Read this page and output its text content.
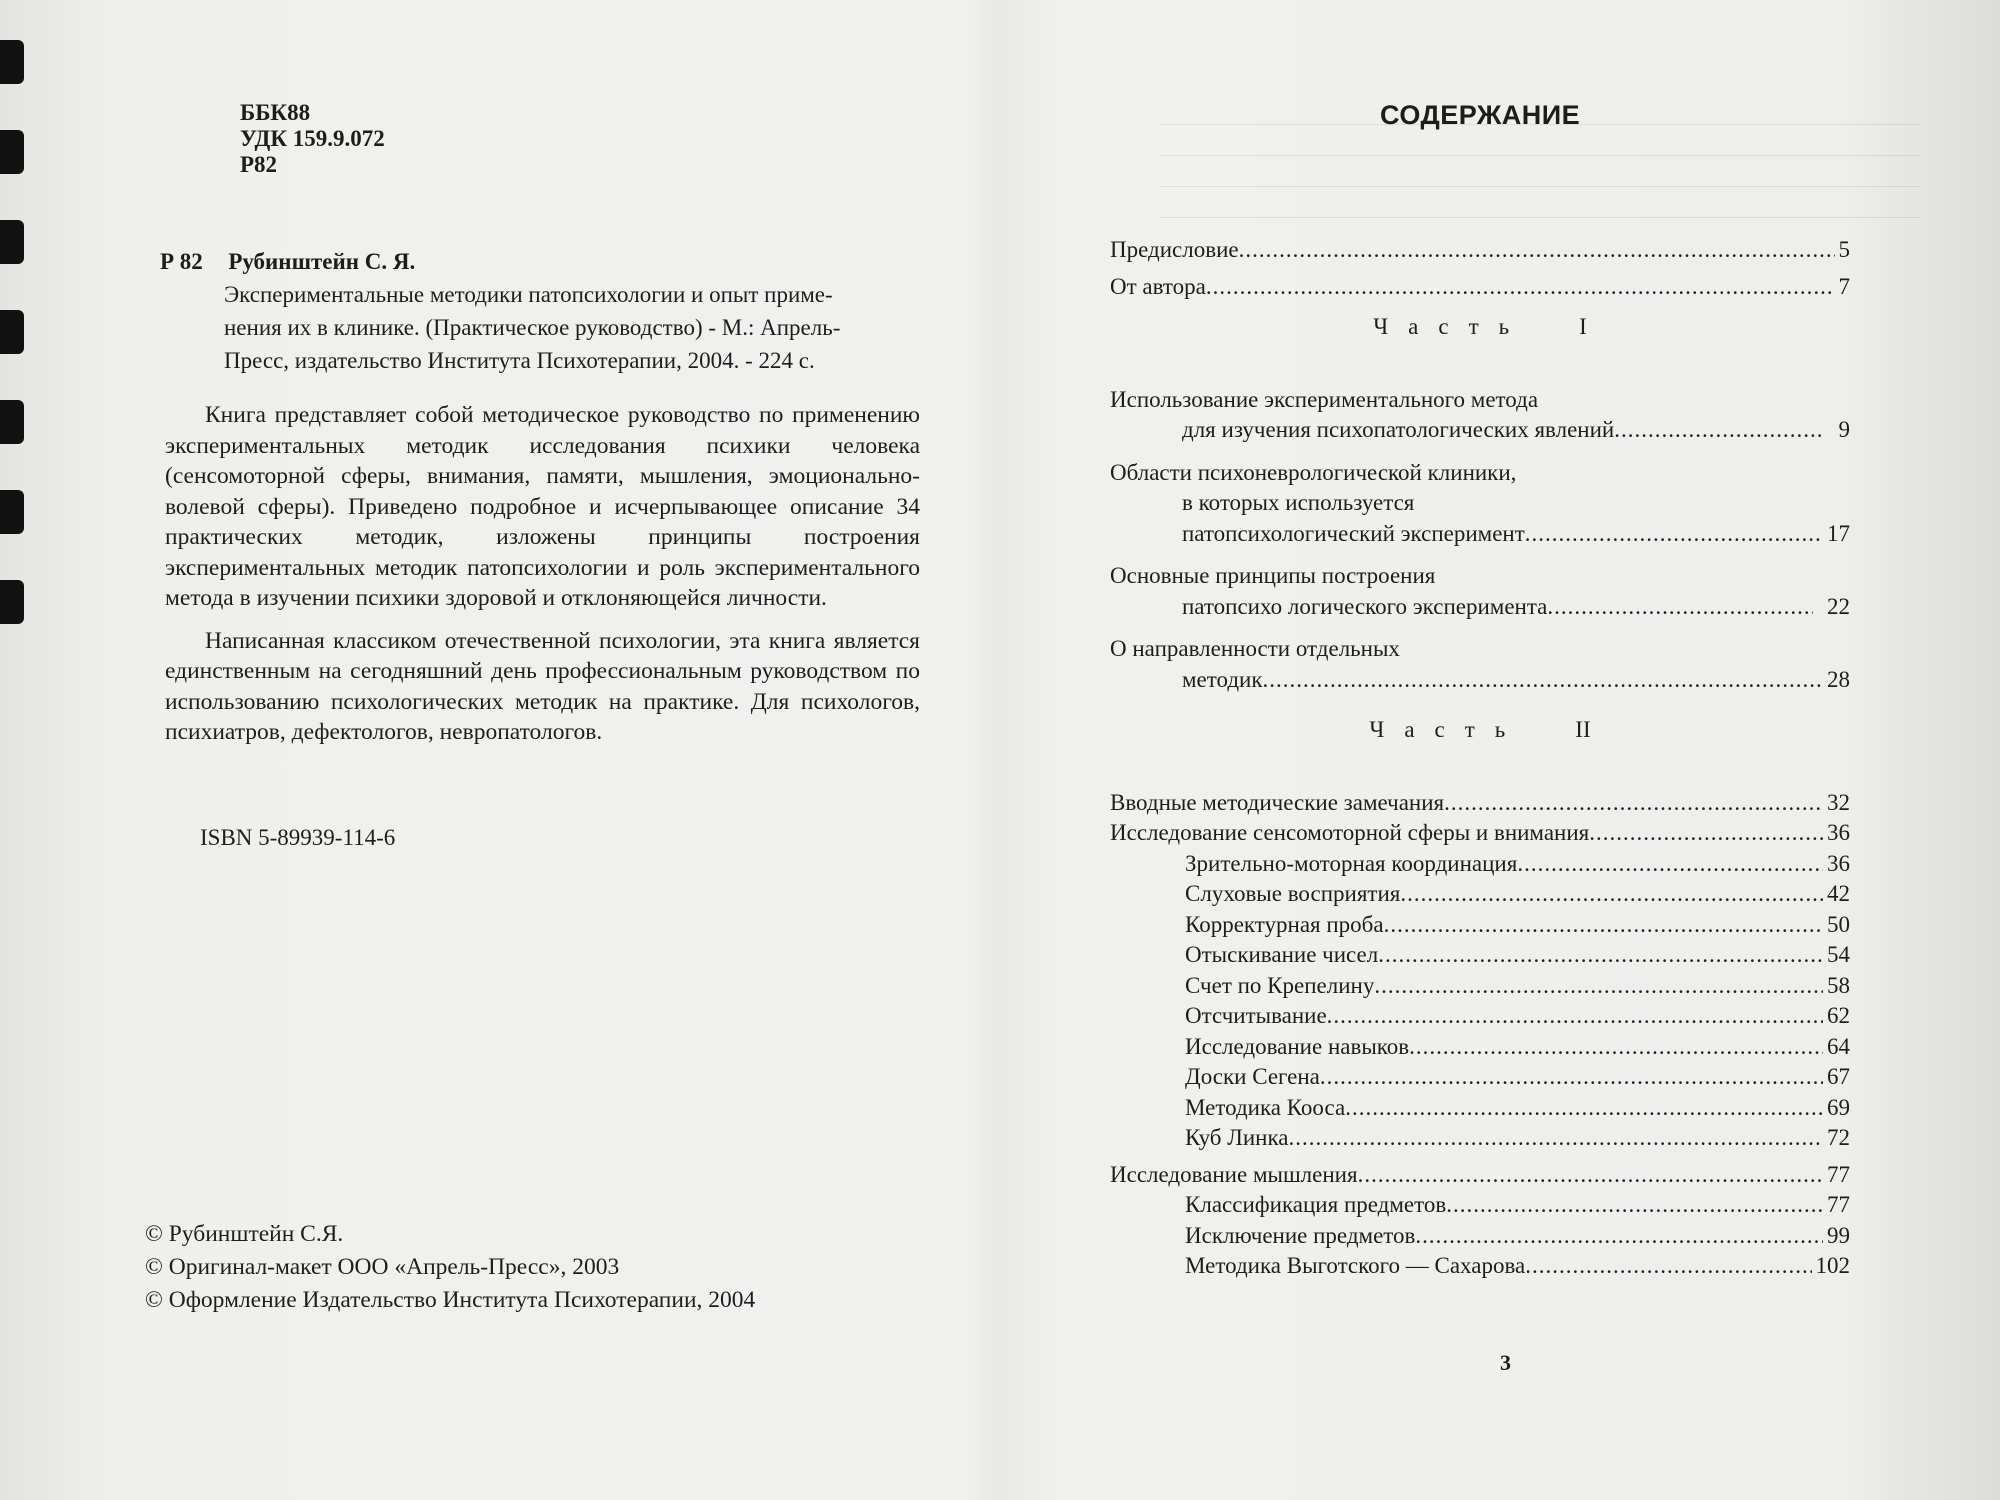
ББК88
УДК 159.9.072
Р82
Р 82 Рубинштейн С. Я.
Экспериментальные методики патопсихологии и опыт приме-
нения их в клинике. (Практическое руководство) - М.: Апрель-
Пресс, издательство Института Психотерапии, 2004. - 224 с.

Книга представляет собой методическое руководство по применению экспериментальных методик исследования психики человека (сенсомоторной сферы, внимания, памяти, мышления, эмоционально-волевой сферы). Приведено подробное и исчерпывающее описание 34 практических методик, изложены принципы построения экспериментальных методик патопсихологии и роль экспериментального метода в изучении психики здоровой и отклоняющейся личности.

Написанная классиком отечественной психологии, эта книга является единственным на сегодняшний день профессиональным руководством по использованию психологических методик на практике. Для психологов, психиатров, дефектологов, невропатологов.

ISBN 5-89939-114-6
© Рубинштейн С.Я.
© Оригинал-макет ООО «Апрель-Пресс», 2003
© Оформление Издательство Института Психотерапии, 2004
СОДЕРЖАНИЕ
Предисловие .....	5
От автора .....	7
Часть I
Использование экспериментального метода
для изучения психопатологических явлений .....	9
Области психоневрологической клиники,
в которых используется
патопсихологический эксперимент .....	17
Основные принципы построения
патопсихо логического эксперимента .....	22
О направленности отдельных
методик .....	28
Часть II
Вводные методические замечания .....	32
Исследование сенсомоторной сферы и внимания .....	36
Зрительно-моторная координация .....	36
Слуховые восприятия .....	42
Корректурная проба .....	50
Отыскивание чисел .....	54
Счет по Крепелину .....	58
Отсчитывание .....	62
Исследование навыков .....	64
Доски Сегена .....	67
Методика Кооса .....	69
Куб Линка .....	72
Исследование мышления .....	77
Классификация предметов .....	77
Исключение предметов .....	99
Методика Выготского — Сахарова .....	102
3
